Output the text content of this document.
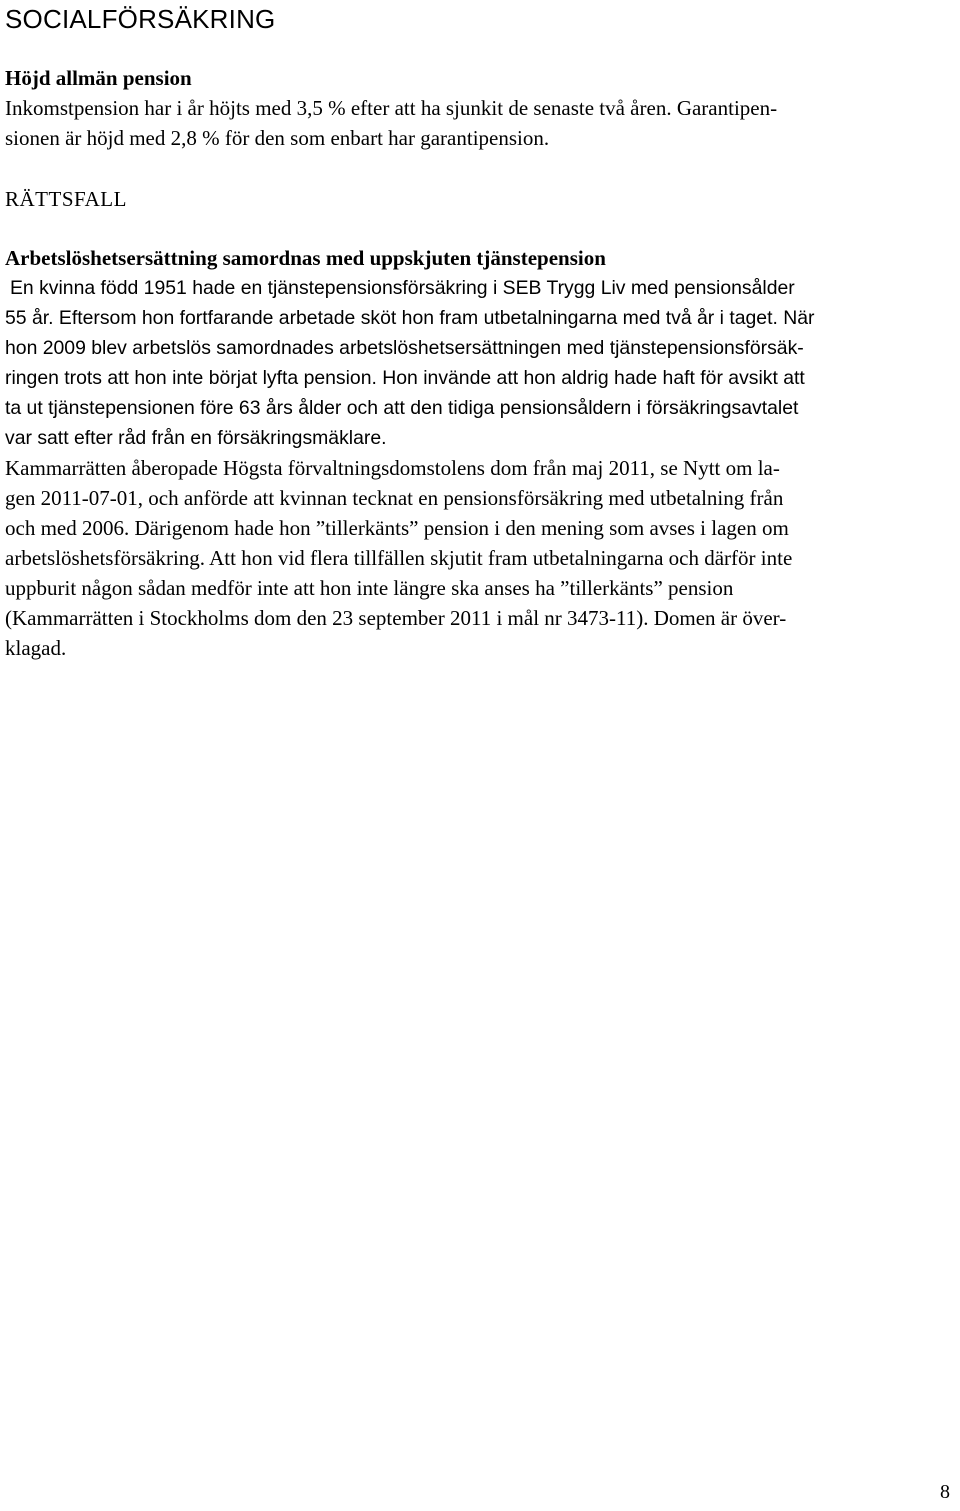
SOCIALFÖRSÄKRING
Höjd allmän pension

Inkomstpension har i år höjts med 3,5 % efter att ha sjunkit de senaste två åren. Garantipen-
sionen är höjd med 2,8 % för den som enbart har garantipension.

RÄTTSFALL
Arbetslöshetsersättning samordnas med uppskjuten tjänstepension

En kvinna född 1951 hade en tjänstepensionsförsäkring i SEB Trygg Liv med pensionsålder
55 år. Eftersom hon fortfarande arbetade sköt hon fram utbetalningarna med två år i taget. När
hon 2009 blev arbetslös samordnades arbetslöshetsersättningen med tjänstepensionsförsäk-
ringen trots att hon inte börjat lyfta pension. Hon invände att hon aldrig hade haft för avsikt att
ta ut tjänstepensionen före 63 års ålder och att den tidiga pensionsåldern i försäkringsavtalet
var satt efter råd från en försäkringsmäklare.

Kammarrätten åberopade Högsta förvaltningsdomstolens dom från maj 2011, se Nytt om la-
gen 2011-07-01, och anförde att kvinnan tecknat en pensionsförsäkring med utbetalning från
och med 2006. Därigenom hade hon ”tillerkänts” pension i den mening som avses i lagen om
arbetslöshetsförsäkring. Att hon vid flera tillfällen skjutit fram utbetalningarna och därför inte
uppburit någon sådan medför inte att hon inte längre ska anses ha ”tillerkänts” pension
(Kammarrätten i Stockholms dom den 23 september 2011 i mål nr 3473-11). Domen är över-
klagad.

8
